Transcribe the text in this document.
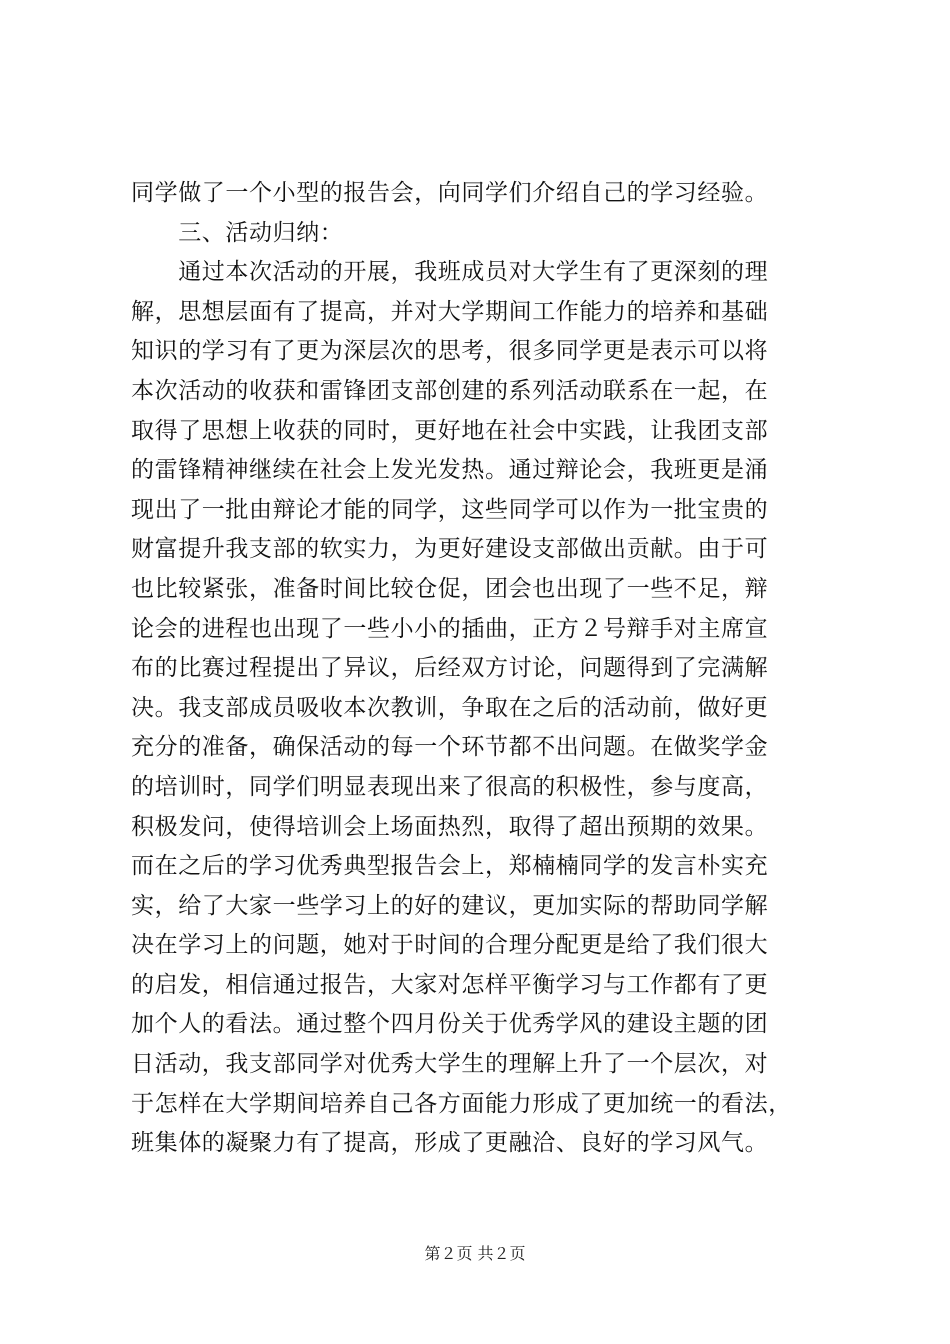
同学做了一个小型的报告会，向同学们介绍自己的学习经验。
　　三、活动归纳：
　　通过本次活动的开展，我班成员对大学生有了更深刻的理
解，思想层面有了提高，并对大学期间工作能力的培养和基础
知识的学习有了更为深层次的思考，很多同学更是表示可以将
本次活动的收获和雷锋团支部创建的系列活动联系在一起，在
取得了思想上收获的同时，更好地在社会中实践，让我团支部
的雷锋精神继续在社会上发光发热。通过辩论会，我班更是涌
现出了一批由辩论才能的同学，这些同学可以作为一批宝贵的
财富提升我支部的软实力，为更好建设支部做出贡献。由于可
也比较紧张，准备时间比较仓促，团会也出现了一些不足，辩
论会的进程也出现了一些小小的插曲，正方２号辩手对主席宣
布的比赛过程提出了异议，后经双方讨论，问题得到了完满解
决。我支部成员吸收本次教训，争取在之后的活动前，做好更
充分的准备，确保活动的每一个环节都不出问题。在做奖学金
的培训时，同学们明显表现出来了很高的积极性，参与度高，
积极发问，使得培训会上场面热烈，取得了超出预期的效果。
而在之后的学习优秀典型报告会上，郑楠楠同学的发言朴实充
实，给了大家一些学习上的好的建议，更加实际的帮助同学解
决在学习上的问题，她对于时间的合理分配更是给了我们很大
的启发，相信通过报告，大家对怎样平衡学习与工作都有了更
加个人的看法。通过整个四月份关于优秀学风的建设主题的团
日活动，我支部同学对优秀大学生的理解上升了一个层次，对
于怎样在大学期间培养自己各方面能力形成了更加统一的看法，
班集体的凝聚力有了提高，形成了更融洽、良好的学习风气。
第２页 共２页
